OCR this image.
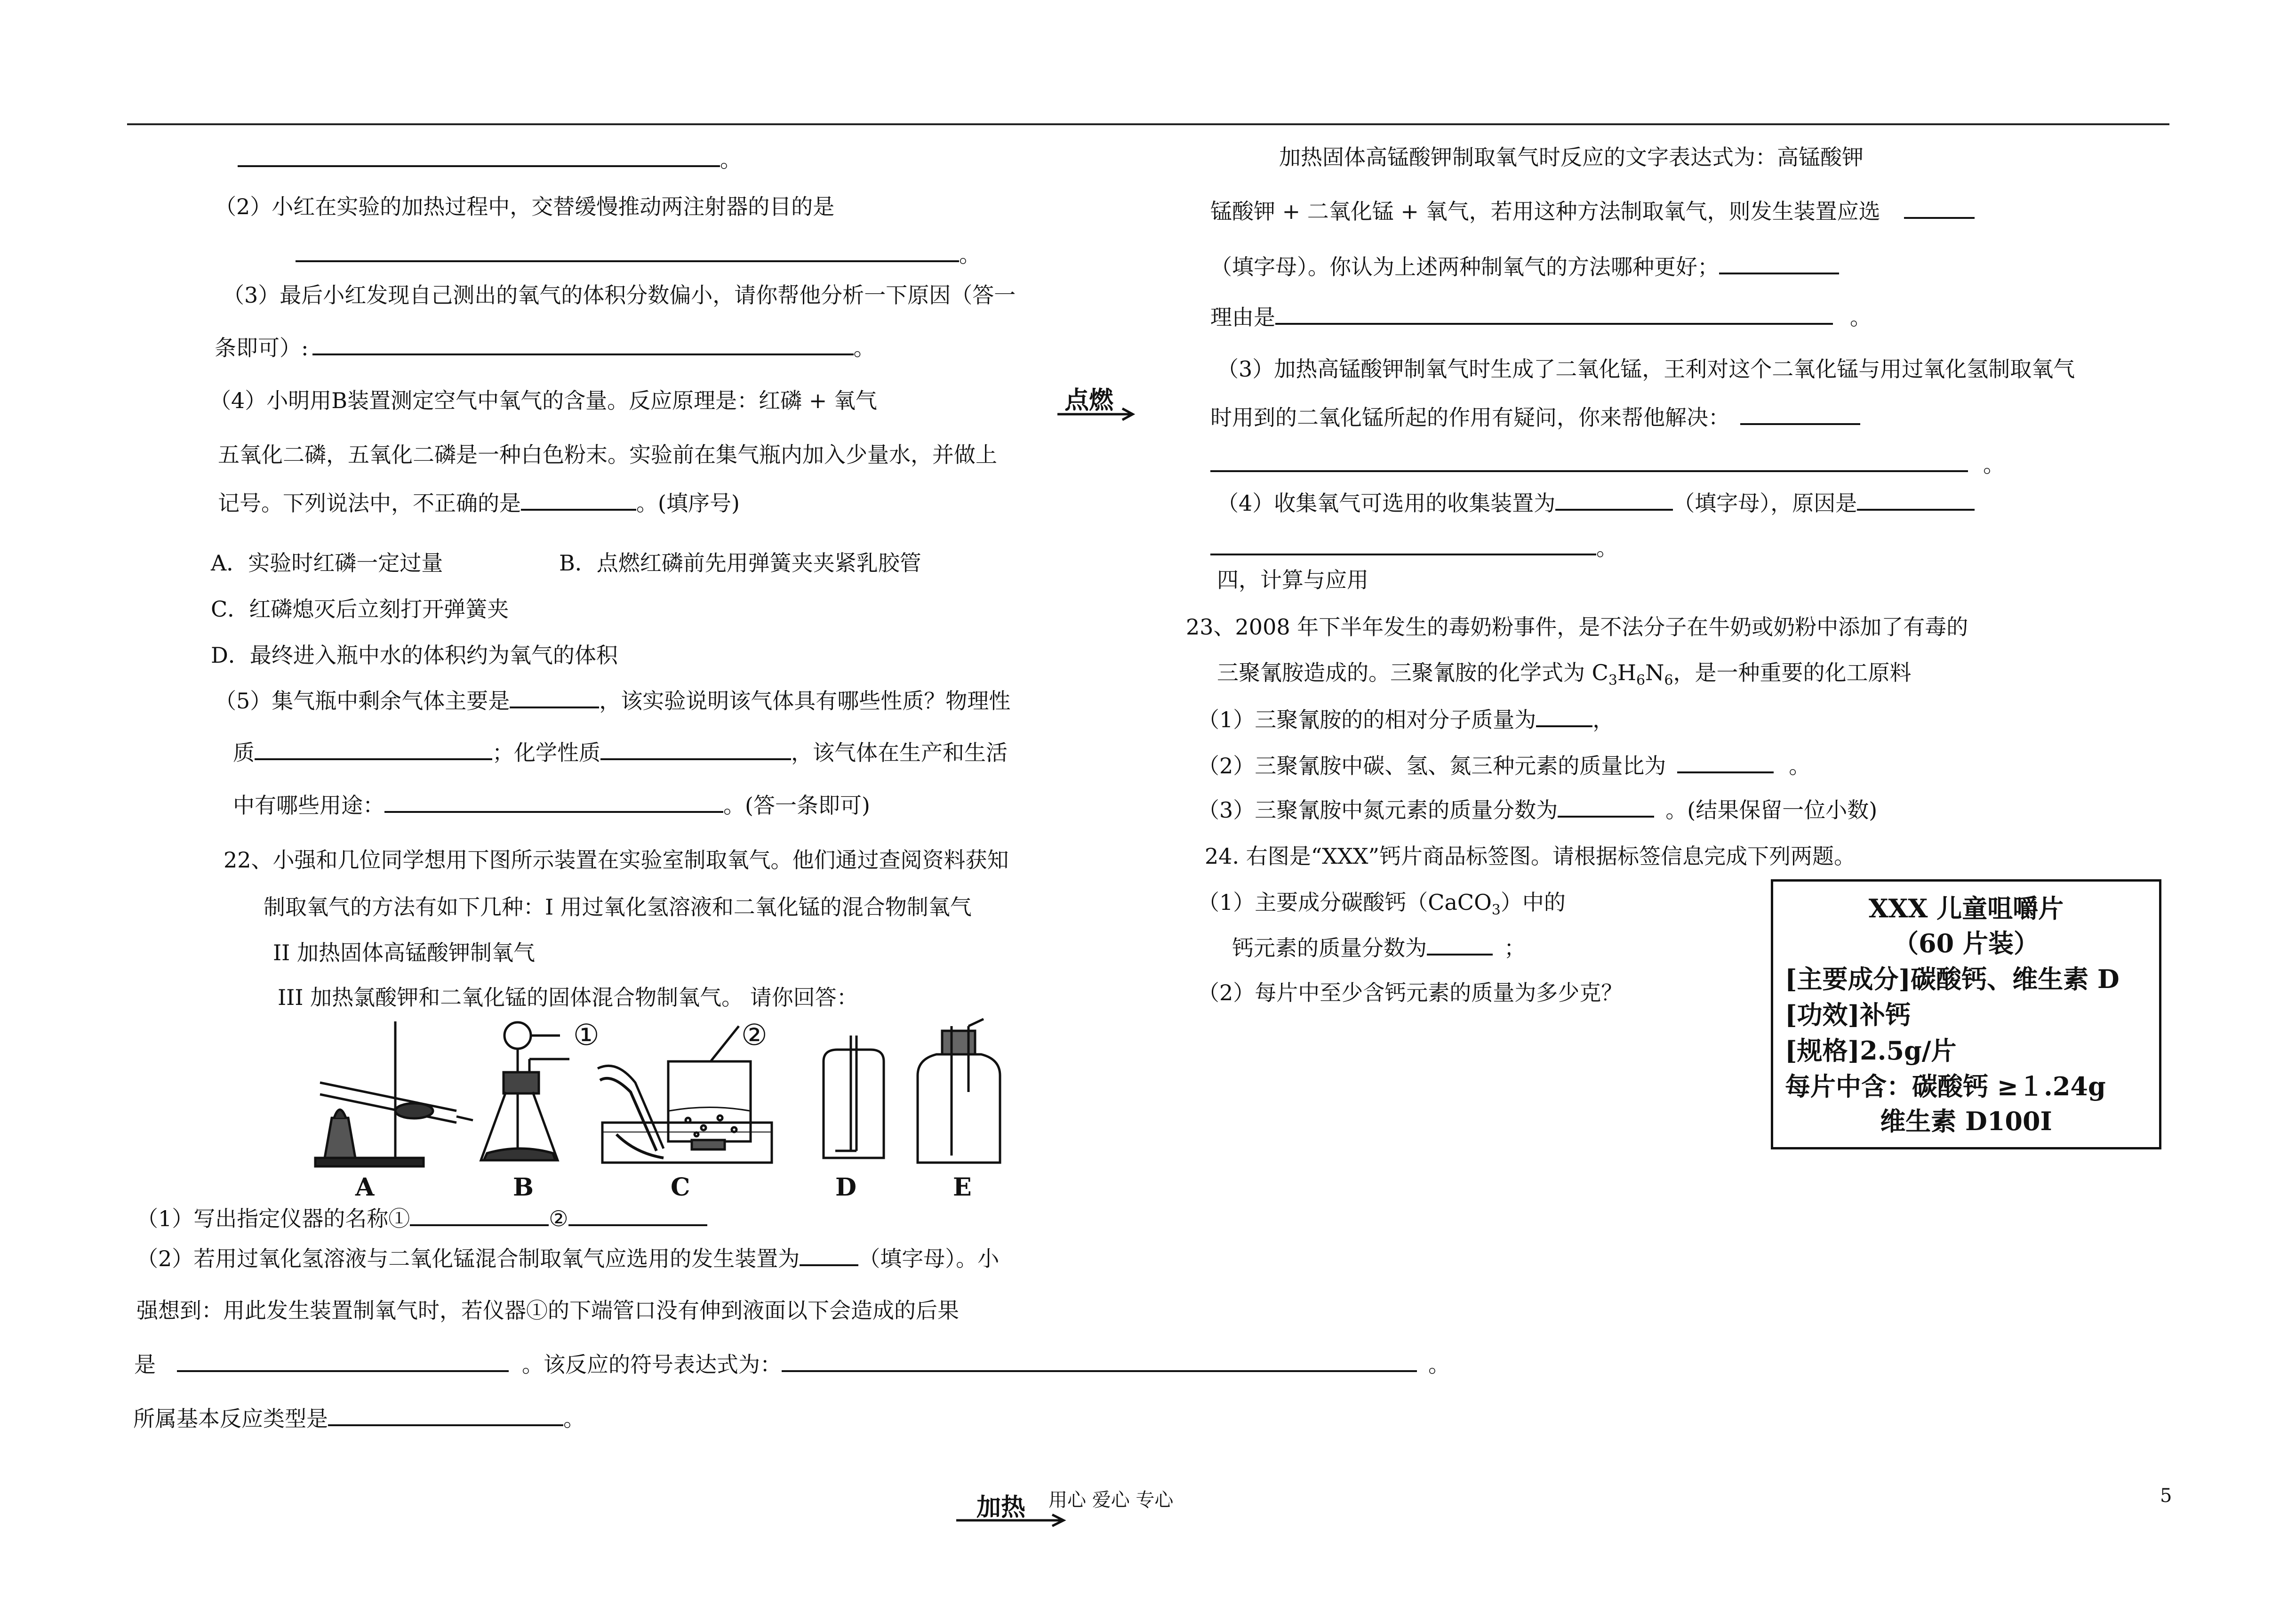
。
（2）小红在实验的加热过程中，交替缓慢推动两注射器的目的是
。
（3）最后小红发现自己测出的氧气的体积分数偏小，请你帮他分析一下原因（答一
条即可）:	。
（4）小明用B装置测定空气中氧气的含量。反应原理是：红磷 + 氧气	点燃
五氧化二磷，五氧化二磷是一种白色粉末。实验前在集气瓶内加入少量水，并做上
记号。下列说法中，不正确的是	。(填序号)
A．实验时红磷一定过量	B．点燃红磷前先用弹簧夹夹紧乳胶管
C．红磷熄灭后立刻打开弹簧夹
D．最终进入瓶中水的体积约为氧气的体积
（5）集气瓶中剩余气体主要是	，该实验说明该气体具有哪些性质？物理性
质	；化学性质	，该气体在生产和生活
中有哪些用途：	。(答一条即可)
22、小强和几位同学想用下图所示装置在实验室制取氧气。他们通过查阅资料获知
制取氧气的方法有如下几种：I 用过氧化氢溶液和二氧化锰的混合物制氧气
II 加热固体高锰酸钾制氧气
III 加热氯酸钾和二氧化锰的固体混合物制氧气。 请你回答：
A	B	C	D	E
①	②
（1）写出指定仪器的名称①	②
（2）若用过氧化氢溶液与二氧化锰混合制取氧气应选用的发生装置为	（填字母）。小
强想到：用此发生装置制氧气时，若仪器①的下端管口没有伸到液面以下会造成的后果
是	。该反应的符号表达式为：	。
所属基本反应类型是	。
加热固体高锰酸钾制取氧气时反应的文字表达式为：高锰酸钾
锰酸钾 + 二氧化锰 + 氧气，若用这种方法制取氧气，则发生装置应选
（填字母）。你认为上述两种制氧气的方法哪种更好；
理由是	。
（3）加热高锰酸钾制氧气时生成了二氧化锰，王利对这个二氧化锰与用过氧化氢制取氧气
时用到的二氧化锰所起的作用有疑问，你来帮他解决：
。
（4）收集氧气可选用的收集装置为	（填字母），原因是
。
四，计算与应用
23、2008 年下半年发生的毒奶粉事件，是不法分子在牛奶或奶粉中添加了有毒的
三聚氰胺造成的。三聚氰胺的化学式为 $C_3H_6N_6$，是一种重要的化工原料
（1）三聚氰胺的的相对分子质量为	，
（2）三聚氰胺中碳、氢、氮三种元素的质量比为	。
（3）三聚氰胺中氮元素的质量分数为	。(结果保留一位小数)
24. 右图是“XXX”钙片商品标签图。请根据标签信息完成下列两题。
（1）主要成分碳酸钙（CaCO$_3$）中的
钙元素的质量分数为	；
（2）每片中至少含钙元素的质量为多少克？
XXX 儿童咀嚼片
（60 片装）
[主要成分]碳酸钙、维生素 D
[功效]补钙
[规格]2.5g/片
每片中含：碳酸钙 ≥１.24g
维生素 D100I
加热 用心 爱心 专心	5
